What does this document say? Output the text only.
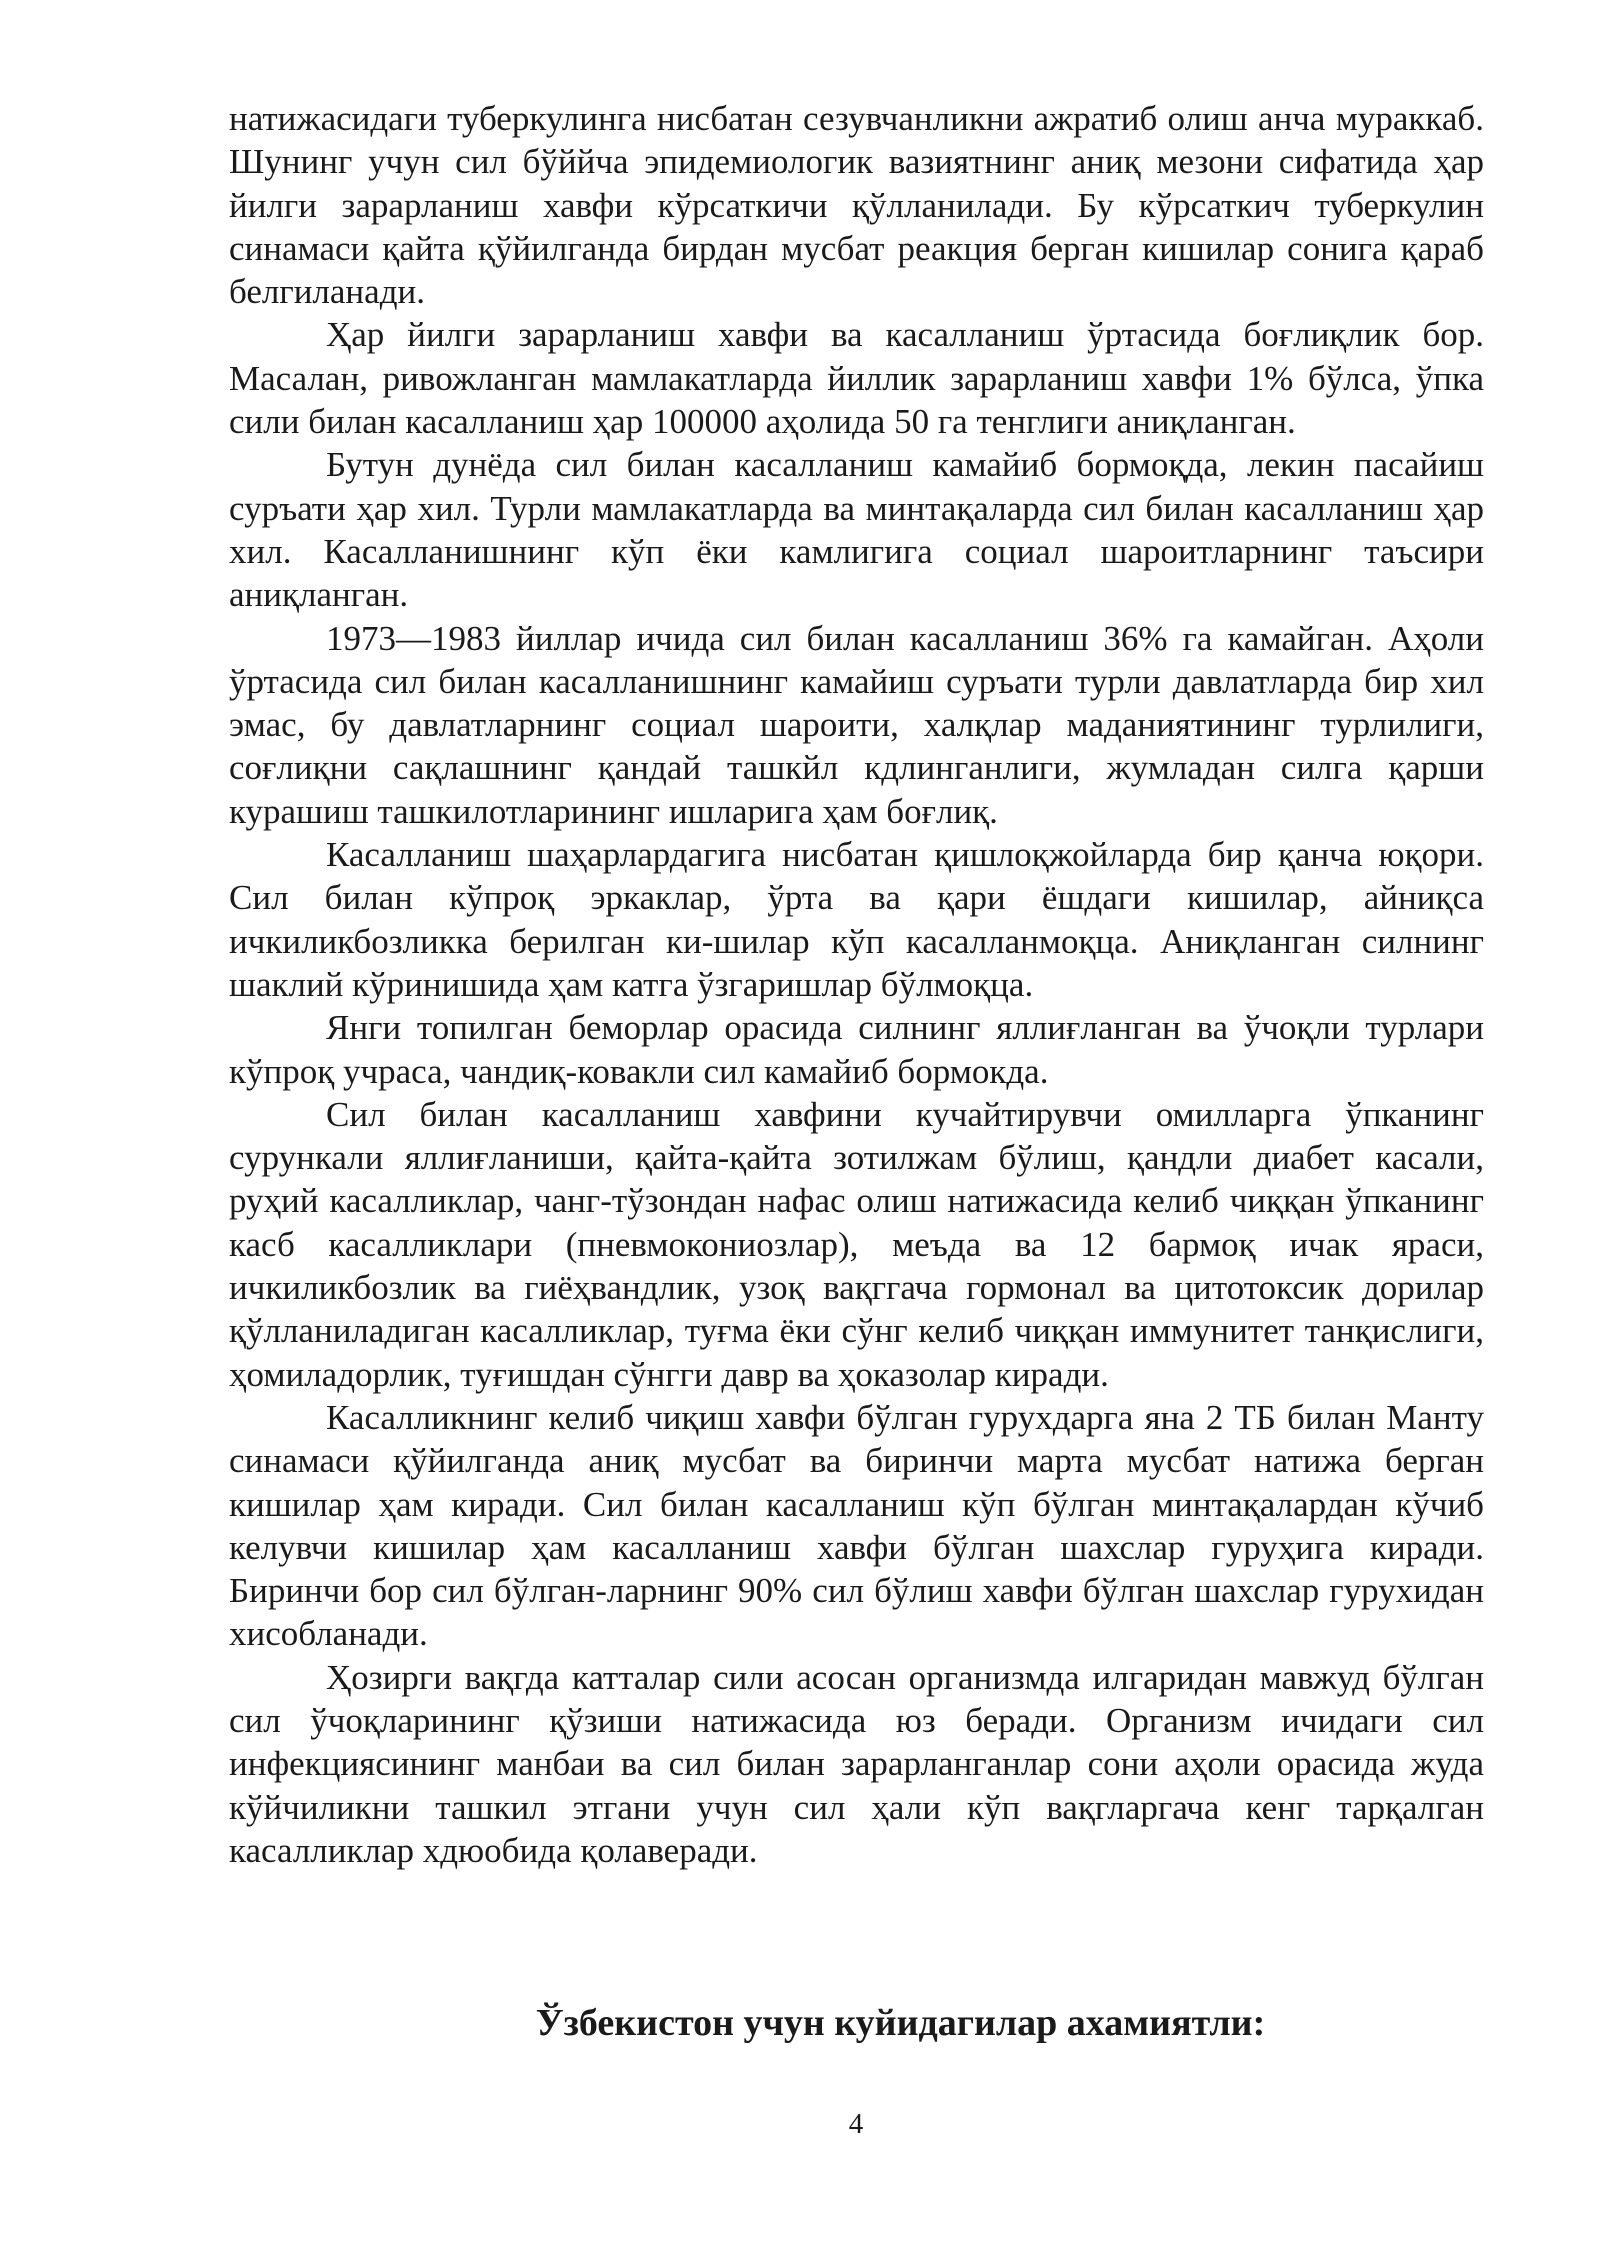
натижасидаги туберкулинга нисбатан сезувчанликни ажратиб олиш анча мураккаб. Шунинг учун сил бўййча эпидемиологик вазиятнинг аниқ мезони сифатида ҳар йилги зарарланиш хавфи кўрсаткичи қўлланилади. Бу кўрсаткич туберкулин синамаси қайта қўйилганда бирдан мусбат реакция берган кишилар сонига қараб белгиланади.

Ҳар йилги зарарланиш хавфи ва касалланиш ўртасида боғлиқлик бор. Масалан, ривожланган мамлакатларда йиллик зарарланиш хавфи 1% бўлса, ўпка сили билан касалланиш ҳар 100000 аҳолида 50 га тенглиги аниқланган.

Бутун дунёда сил билан касалланиш камайиб бормоқда, лекин пасайиш суръати ҳар хил. Турли мамлакатларда ва минтақаларда сил билан касалланиш ҳар хил. Касалланишнинг кўп ёки камлигига социал шароитларнинг таъсири аниқланган.

1973—1983 йиллар ичида сил билан касалланиш 36% га камайган. Аҳоли ўртасида сил билан касалланишнинг камайиш суръати турли давлатларда бир хил эмас, бу давлатларнинг социал шароити, халқлар маданиятининг турлилиги, соғлиқни сақлашнинг қандай ташкйл кдлинганлиги, жумладан силга қарши курашиш ташкилотларининг ишларига ҳам боғлиқ.

Касалланиш шаҳарлардагига нисбатан қишлоқжойларда бир қанча юқори. Сил билан кўпроқ эркаклар, ўрта ва қари ёшдаги кишилар, айниқса ичкиликбозликка берилган ки-шилар кўп касалланмоқца. Аниқланган силнинг шаклий кўринишида ҳам катга ўзгаришлар бўлмоқца.

Янги топилган беморлар орасида силнинг яллиғланган ва ўчоқли турлари кўпроқ учраса, чандиқ-ковакли сил камайиб бормокда.

Сил билан касалланиш хавфини кучайтирувчи омилларга ўпканинг сурункали яллиғланиши, қайта-қайта зотилжам бўлиш, қандли диабет касали, руҳий касалликлар, чанг-тўзондан нафас олиш натижасида келиб чиққан ўпканинг касб касалликлари (пневмокониозлар), меъда ва 12 бармоқ ичак яраси, ичкиликбозлик ва гиёҳвандлик, узоқ вақггача гормонал ва цитотоксик дорилар қўлланиладиган касалликлар, туғма ёки сўнг келиб чиққан иммунитет танқислиги, ҳомиладорлик, туғишдан сўнгги давр ва ҳоказолар киради.

Касалликнинг келиб чиқиш хавфи бўлган гурухдарга яна 2 ТБ билан Манту синамаси қўйилганда аниқ мусбат ва биринчи марта мусбат натижа берган кишилар ҳам киради. Сил билан касалланиш кўп бўлган минтақалардан кўчиб келувчи кишилар ҳам касалланиш хавфи бўлган шахслар гуруҳига киради. Биринчи бор сил бўлган-ларнинг 90% сил бўлиш хавфи бўлган шахслар гурухидан хисобланади.

Ҳозирги вақгда катталар сили асосан организмда илгаридан мавжуд бўлган сил ўчоқларининг қўзиши натижасида юз беради. Организм ичидаги сил инфекциясининг манбаи ва сил билан зарарланганлар сони аҳоли орасида жуда кўйчиликни ташкил этгани учун сил ҳали кўп вақгларгача кенг тарқалган касалликлар хдюобида қолаверади.

Ўзбекистон учун куйидагилар ахамиятли:
4
